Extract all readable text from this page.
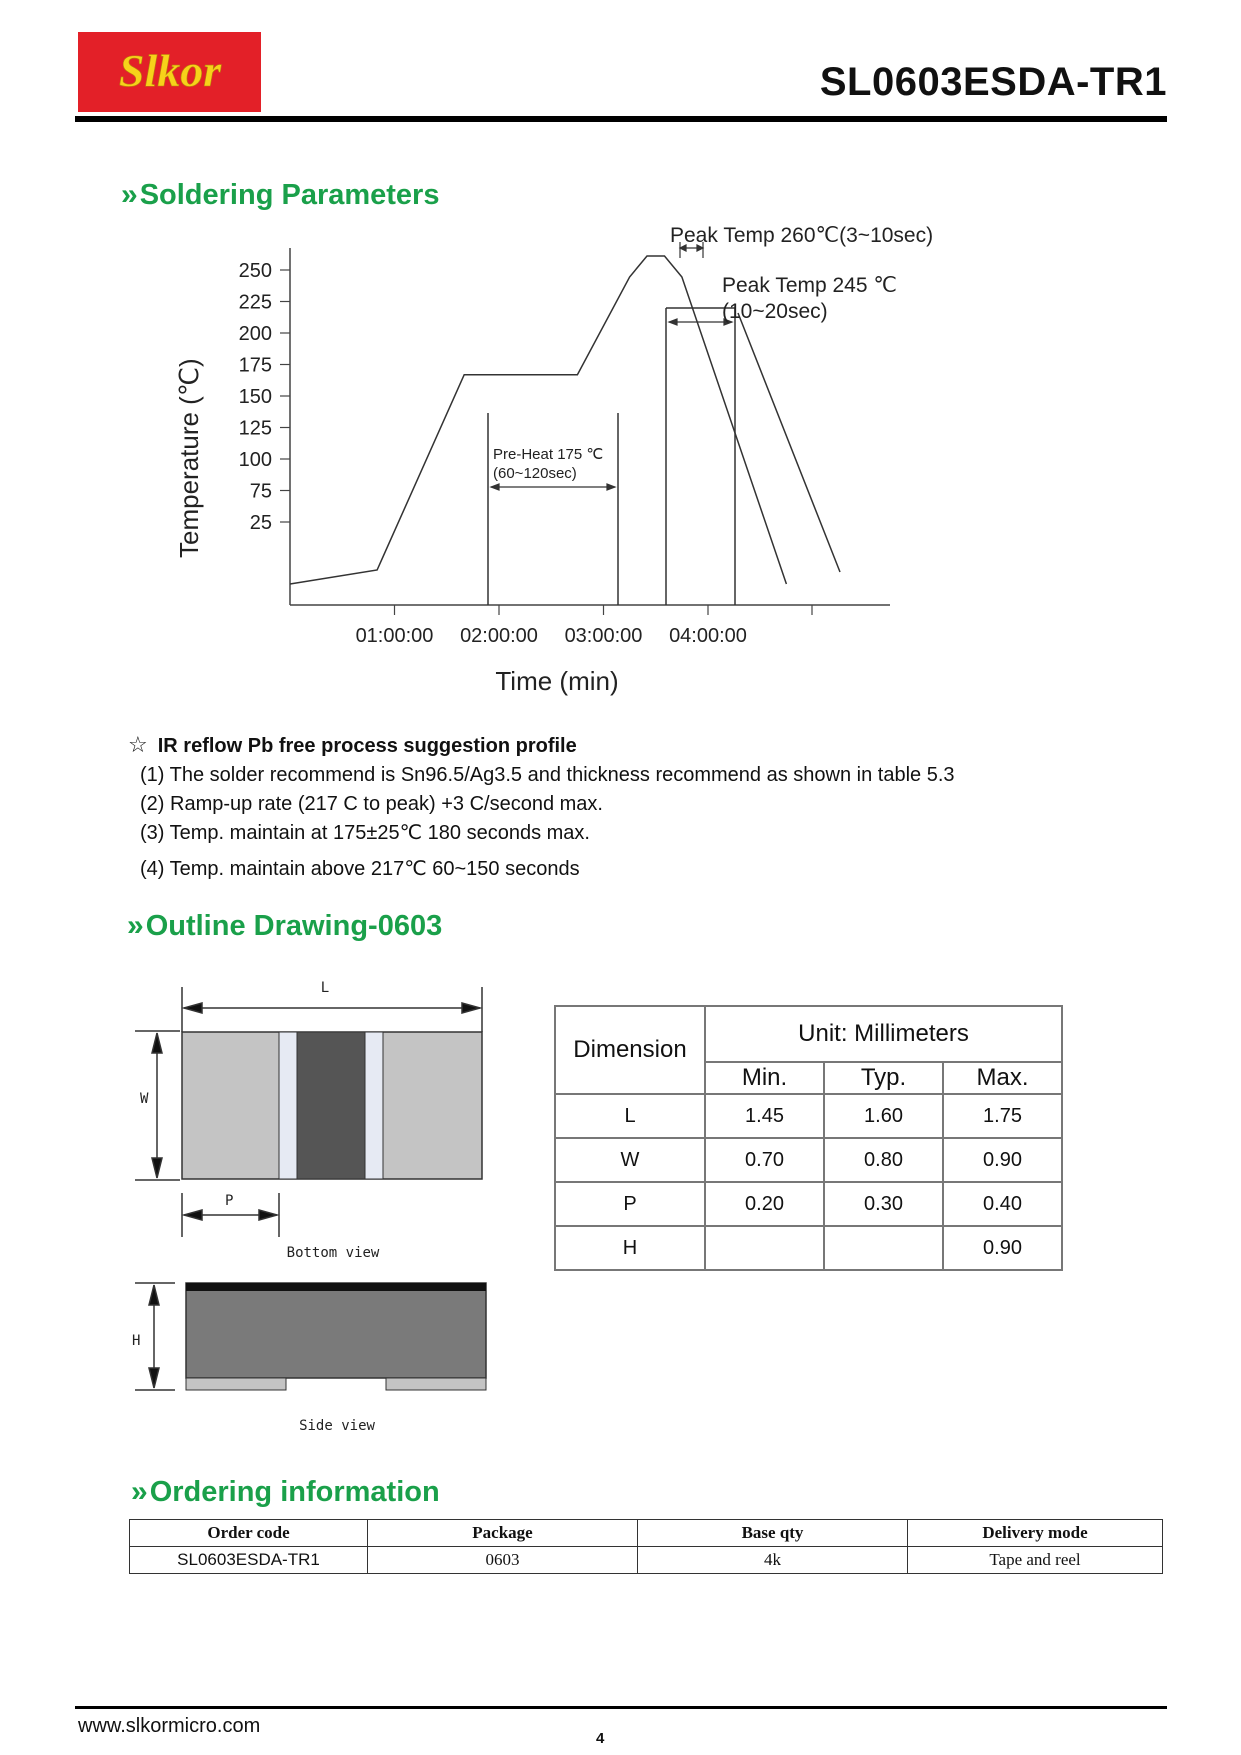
Slkor	SL0603ESDA-TR1
»Soldering Parameters
250
225
200
175
150
125
100
75
25
01:00:00 02:00:00 03:00:00 04:00:00
Temperature (℃)
Time (min)
Peak Temp 260℃(3~10sec)
Peak Temp 245 ℃
(10~20sec)
Pre-Heat 175 ℃
(60~120sec)
☆ IR reflow Pb free process suggestion profile
(1) The solder recommend is Sn96.5/Ag3.5 and thickness recommend as shown in table 5.3
(2) Ramp-up rate (217 C to peak) +3 C/second max.
(3) Temp. maintain at 175±25℃ 180 seconds max.
(4) Temp. maintain above 217℃ 60~150 seconds
»Outline Drawing-0603
L
W
P
Bottom view
H
Side view
Dimension	Unit: Millimeters		
	Min.	Typ.	Max.
L	1.45	1.60	1.75
W	0.70	0.80	0.90
P	0.20	0.30	0.40
H			0.90
»Ordering information
Order code	Package	Base qty	Delivery mode
SL0603ESDA-TR1	0603	4k	Tape and reel
www.slkormicro.com
4
